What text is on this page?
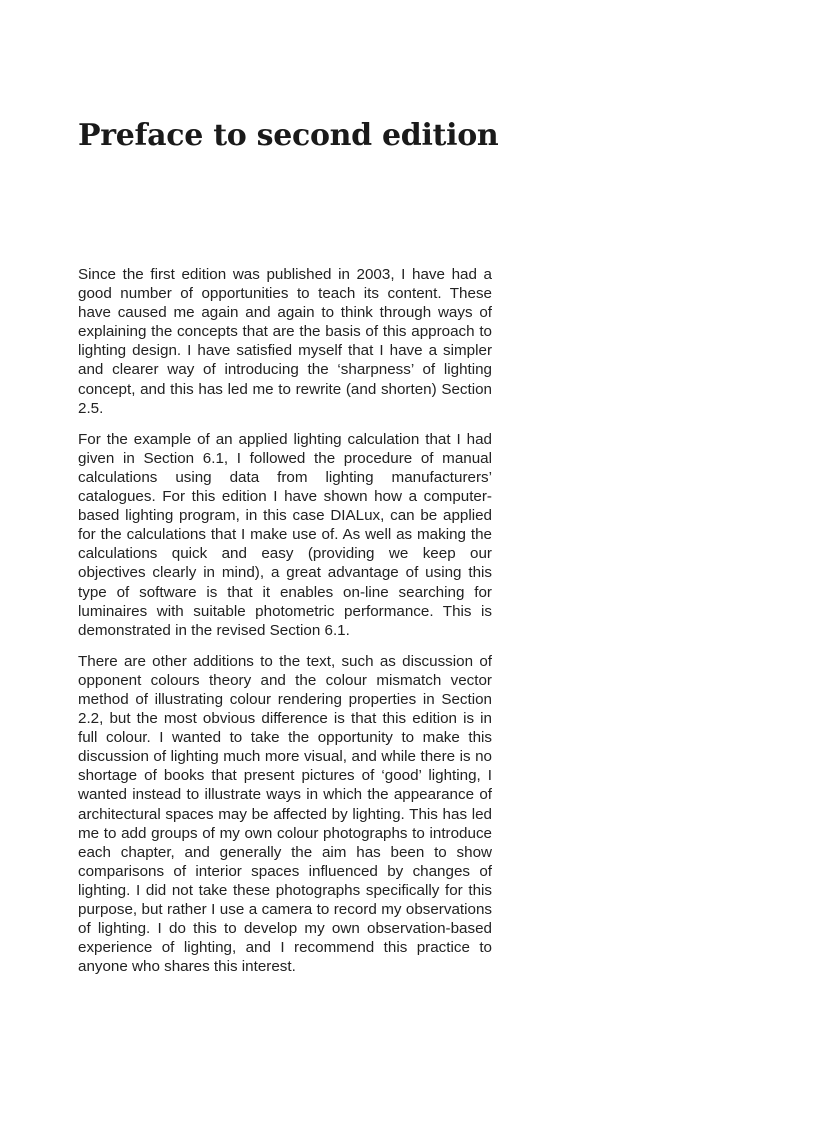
Preface to second edition

Since the first edition was published in 2003, I have had a good number of opportunities to teach its content. These have caused me again and again to think through ways of explaining the concepts that are the basis of this approach to lighting design. I have satisfied myself that I have a simpler and clearer way of introducing the ‘sharpness’ of lighting concept, and this has led me to rewrite (and shorten) Section 2.5.

For the example of an applied lighting calculation that I had given in Section 6.1, I followed the procedure of manual calculations using data from lighting manufacturers’ catalogues. For this edition I have shown how a computer-based lighting program, in this case DIALux, can be applied for the calculations that I make use of. As well as making the calculations quick and easy (providing we keep our objectives clearly in mind), a great advantage of using this type of software is that it enables on-line searching for luminaires with suitable photometric performance. This is demonstrated in the revised Section 6.1.

There are other additions to the text, such as discussion of opponent colours theory and the colour mismatch vector method of illustrating colour rendering properties in Section 2.2, but the most obvious difference is that this edition is in full colour. I wanted to take the opportunity to make this discussion of lighting much more visual, and while there is no shortage of books that present pictures of ‘good’ lighting, I wanted instead to illustrate ways in which the appearance of architectural spaces may be affected by lighting. This has led me to add groups of my own colour photographs to introduce each chapter, and generally the aim has been to show comparisons of interior spaces influenced by changes of lighting. I did not take these photographs specifically for this purpose, but rather I use a camera to record my observations of lighting. I do this to develop my own observation-based experience of lighting, and I recommend this practice to anyone who shares this interest.
